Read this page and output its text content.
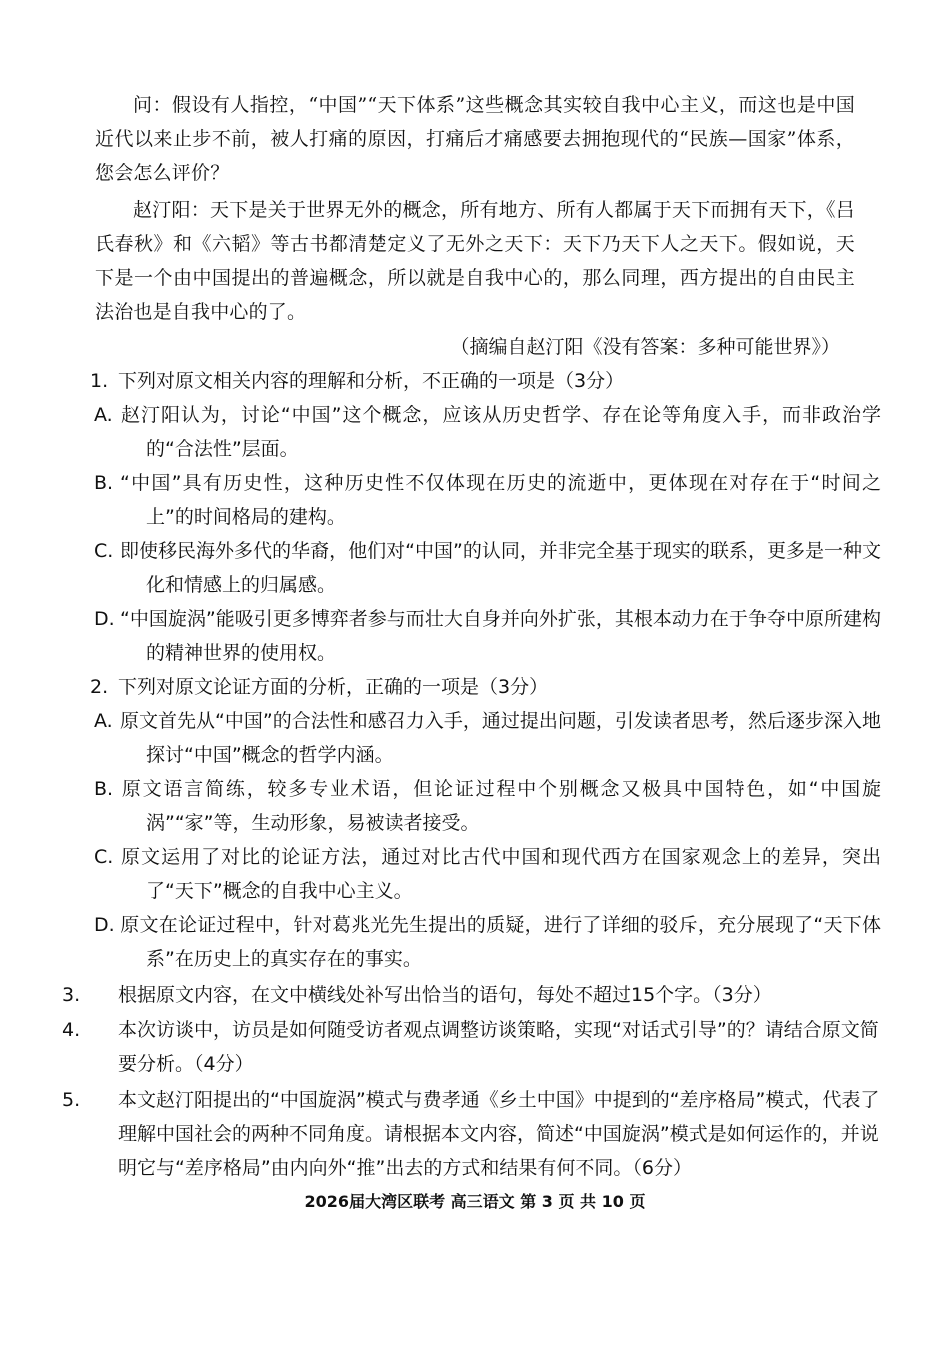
问：假设有人指控，“中国”“天下体系”这些概念其实较自我中心主义，而这也是中国近代以来止步不前，被人打痛的原因，打痛后才痛感要去拥抱现代的“民族—国家”体系，您会怎么评价？

赵汀阳：天下是关于世界无外的概念，所有地方、所有人都属于天下而拥有天下，《吕氏春秋》和《六韬》等古书都清楚定义了无外之天下：天下乃天下人之天下。假如说，天下是一个由中国提出的普遍概念，所以就是自我中心的，那么同理，西方提出的自由民主法治也是自我中心的了。

（摘编自赵汀阳《没有答案：多种可能世界》）

1. 下列对原文相关内容的理解和分析，不正确的一项是（3分）

A. 赵汀阳认为，讨论“中国”这个概念，应该从历史哲学、存在论等角度入手，而非政治学的“合法性”层面。

B. “中国”具有历史性，这种历史性不仅体现在历史的流逝中，更体现在对存在于“时间之上”的时间格局的建构。

C. 即使移民海外多代的华裔，他们对“中国”的认同，并非完全基于现实的联系，更多是一种文化和情感上的归属感。

D. “中国旋涡”能吸引更多博弈者参与而壮大自身并向外扩张，其根本动力在于争夺中原所建构的精神世界的使用权。

2. 下列对原文论证方面的分析，正确的一项是（3分）

A. 原文首先从“中国”的合法性和感召力入手，通过提出问题，引发读者思考，然后逐步深入地探讨“中国”概念的哲学内涵。

B. 原文语言简练，较多专业术语，但论证过程中个别概念又极具中国特色，如“中国旋涡”“家”等，生动形象，易被读者接受。

C. 原文运用了对比的论证方法，通过对比古代中国和现代西方在国家观念上的差异，突出了“天下”概念的自我中心主义。

D. 原文在论证过程中，针对葛兆光先生提出的质疑，进行了详细的驳斥，充分展现了“天下体系”在历史上的真实存在的事实。

3. 根据原文内容，在文中横线处补写出恰当的语句，每处不超过15个字。（3分）

4. 本次访谈中，访员是如何随受访者观点调整访谈策略，实现“对话式引导”的？请结合原文简要分析。（4分）

5. 本文赵汀阳提出的“中国旋涡”模式与费孝通《乡土中国》中提到的“差序格局”模式，代表了理解中国社会的两种不同角度。请根据本文内容，简述“中国旋涡”模式是如何运作的，并说明它与“差序格局”由内向外“推”出去的方式和结果有何不同。（6分）

2026届大湾区联考 高三语文 第 3 页 共 10 页
